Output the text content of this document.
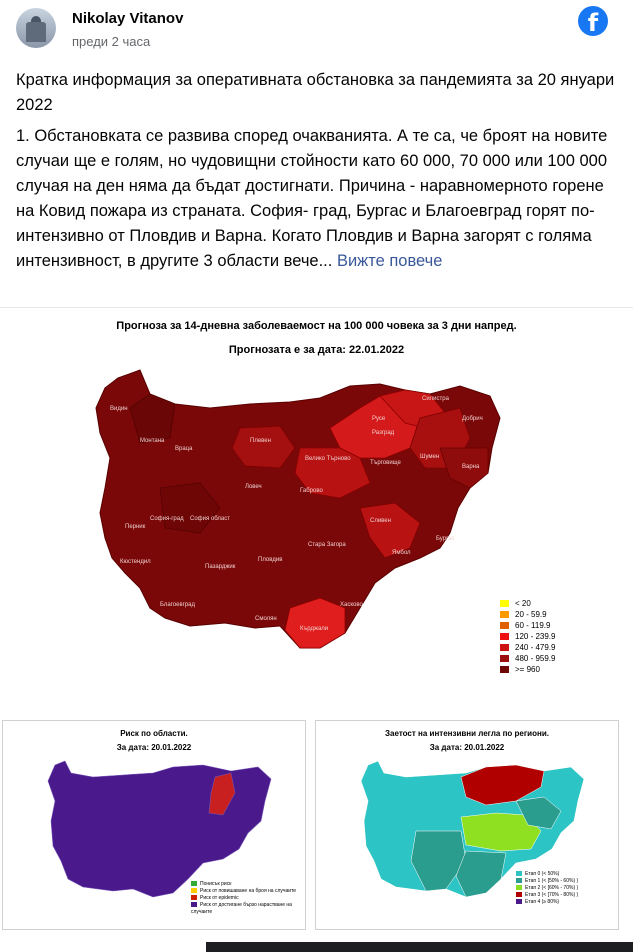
Nikolay Vitanov
преди 2 часа
f

Кратка информация за оперативната обстановка за пандемията за 20 януари 2022

1. Обстановката се развива според очакванията. А те са, че броят на новите случаи ще е голям, но чудовищни стойности като 60 000, 70 000 или 100 000 случая на ден няма да бъдат достигнати. Причина - наравномерното горене на Ковид пожара из страната. София- град, Бургас и Благоевград горят по-интензивно от Пловдив и Варна. Когато Пловдив и Варна загорят с голяма интензивност, в другите 3 области вече... Вижте повече

Прогноза за 14-дневна заболеваемост на 100 000 човека за 3 дни напред.
Прогнозата е за дата: 22.01.2022
Видин
Монтана
Враца
Плевен
Русе
Разград
Силистра
Добрич
Варна
Шумен
Търговище
Велико Търново
Габрово
Ловеч
София-град София област
Перник
Кюстендил
Пазарджик
Пловдив
Стара Загора
Сливен
Бургас
Ямбол
Хасково
Кърджали
Смолян
Благоевград	< 20
20 - 59.9
60 - 119.9
120 - 239.9
240 - 479.9
480 - 959.9
>= 960
Риск по области.
За дата: 20.01.2022
Понисък риск
Риск от повишаване на броя на случаите
Риск от epidemic
Риск от достигане бързо нарастване на случаите
Заетост на интензивни легла по региони.
За дата: 20.01.2022
Етап 0 (< 50%)
Етап 1 (< [50% - 60%) )
Етап 2 (< [60% - 70%) )
Етап 3 (< [70% - 80%) )
Етап 4 (≥ 80%)
